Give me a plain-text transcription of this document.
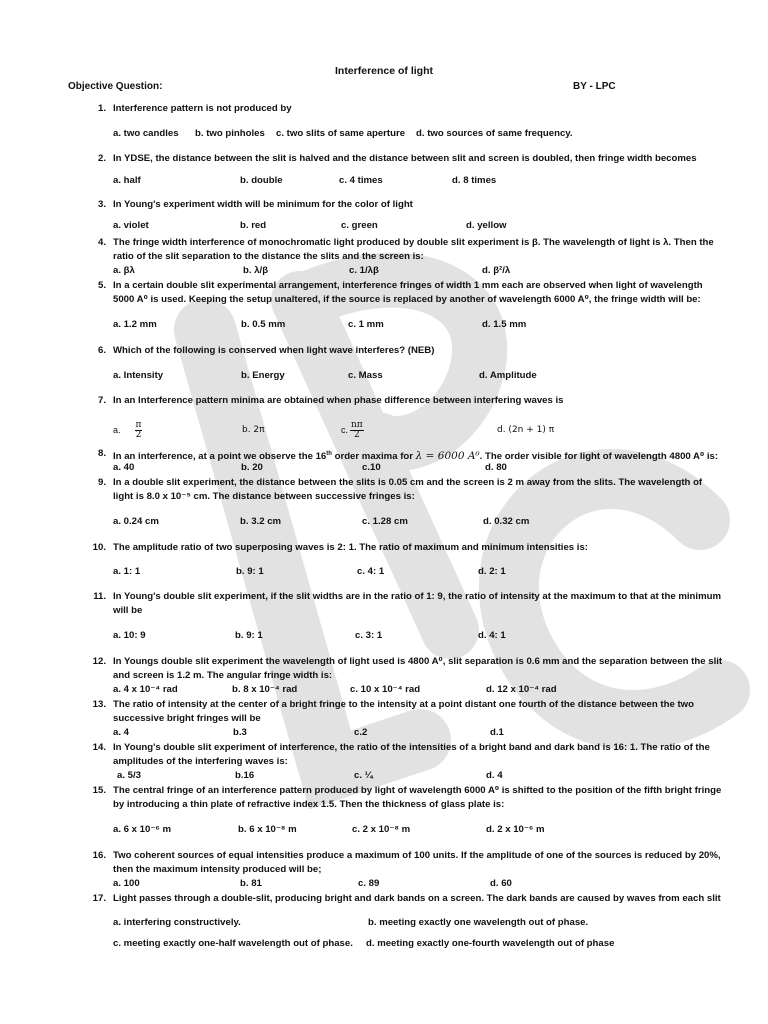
Interference of light
Objective Question:	BY - LPC
1. Interference pattern is not produced by
a. two candles b. two pinholes c. two slits of same aperture d. two sources of same frequency.
2. In YDSE, the distance between the slit is halved and the distance between slit and screen is doubled, then fringe width becomes
a. half	b. double	c. 4 times	d. 8 times
3. In Young's experiment width will be minimum for the color of light
a. violet	b. red	c. green	d. yellow
4. The fringe width interference of monochromatic light produced by double slit experiment is β. The wavelength of light is λ. Then the ratio of the slit separation to the distance the slits and the screen is:
a. βλ	b. λ/β	c. 1/λβ	d. β²/λ
5. In a certain double slit experimental arrangement, interference fringes of width 1 mm each are observed when light of wavelength 5000 A⁰ is used. Keeping the setup unaltered, if the source is replaced by another of wavelength 6000 A⁰, the fringe width will be:
a. 1.2 mm	b. 0.5 mm	c. 1 mm	d. 1.5 mm
6. Which of the following is conserved when light wave interferes? (NEB)
a. Intensity	b. Energy	c. Mass	d. Amplitude
7. In an Interference pattern minima are obtained when phase difference between interfering waves is
a. $\frac{\pi}{2}$	b. 2π	c. $\frac{n\pi}{2}$	d. (2n + 1) π
8. In an interference, at a point we observe the 16th order maxima for λ = 6000 A⁰. The order visible for light of wavelength 4800 A⁰ is:
a. 40	b. 20	c.10	d. 80
9. In a double slit experiment, the distance between the slits is 0.05 cm and the screen is 2 m away from the slits. The wavelength of light is 8.0 x 10⁻⁵ cm. The distance between successive fringes is:
a. 0.24 cm	b. 3.2 cm	c. 1.28 cm	d. 0.32 cm
10. The amplitude ratio of two superposing waves is 2: 1. The ratio of maximum and minimum intensities is:
a. 1: 1	b. 9: 1	c. 4: 1	d. 2: 1
11. In Young's double slit experiment, if the slit widths are in the ratio of 1: 9, the ratio of intensity at the maximum to that at the minimum will be
a. 10: 9	b. 9: 1	c. 3: 1	d. 4: 1
12. In Youngs double slit experiment the wavelength of light used is 4800 A⁰, slit separation is 0.6 mm and the separation between the slit and screen is 1.2 m. The angular fringe width is:
a. 4 x 10⁻⁴ rad	b. 8 x 10⁻⁴ rad	c. 10 x 10⁻⁴ rad	d. 12 x 10⁻⁴ rad
13. The ratio of intensity at the center of a bright fringe to the intensity at a point distant one fourth of the distance between the two successive bright fringes will be
a. 4	b.3	c.2	d.1
14. In Young's double slit experiment of interference, the ratio of the intensities of a bright band and dark band is 16: 1. The ratio of the amplitudes of the interfering waves is:
a. 5/3	b.16	c. ¼	d. 4
15. The central fringe of an interference pattern produced by light of wavelength 6000 A⁰ is shifted to the position of the fifth bright fringe by introducing a thin plate of refractive index 1.5. Then the thickness of glass plate is:
a. 6 x 10⁻⁶ m	b. 6 x 10⁻⁸ m	c. 2 x 10⁻⁸ m	d. 2 x 10⁻⁶ m
16. Two coherent sources of equal intensities produce a maximum of 100 units. If the amplitude of one of the sources is reduced by 20%, then the maximum intensity produced will be;
a. 100	b. 81	c. 89	d. 60
17. Light passes through a double-slit, producing bright and dark bands on a screen. The dark bands are caused by waves from each slit
a. interfering constructively.	b. meeting exactly one wavelength out of phase.
c. meeting exactly one-half wavelength out of phase. d. meeting exactly one-fourth wavelength out of phase
